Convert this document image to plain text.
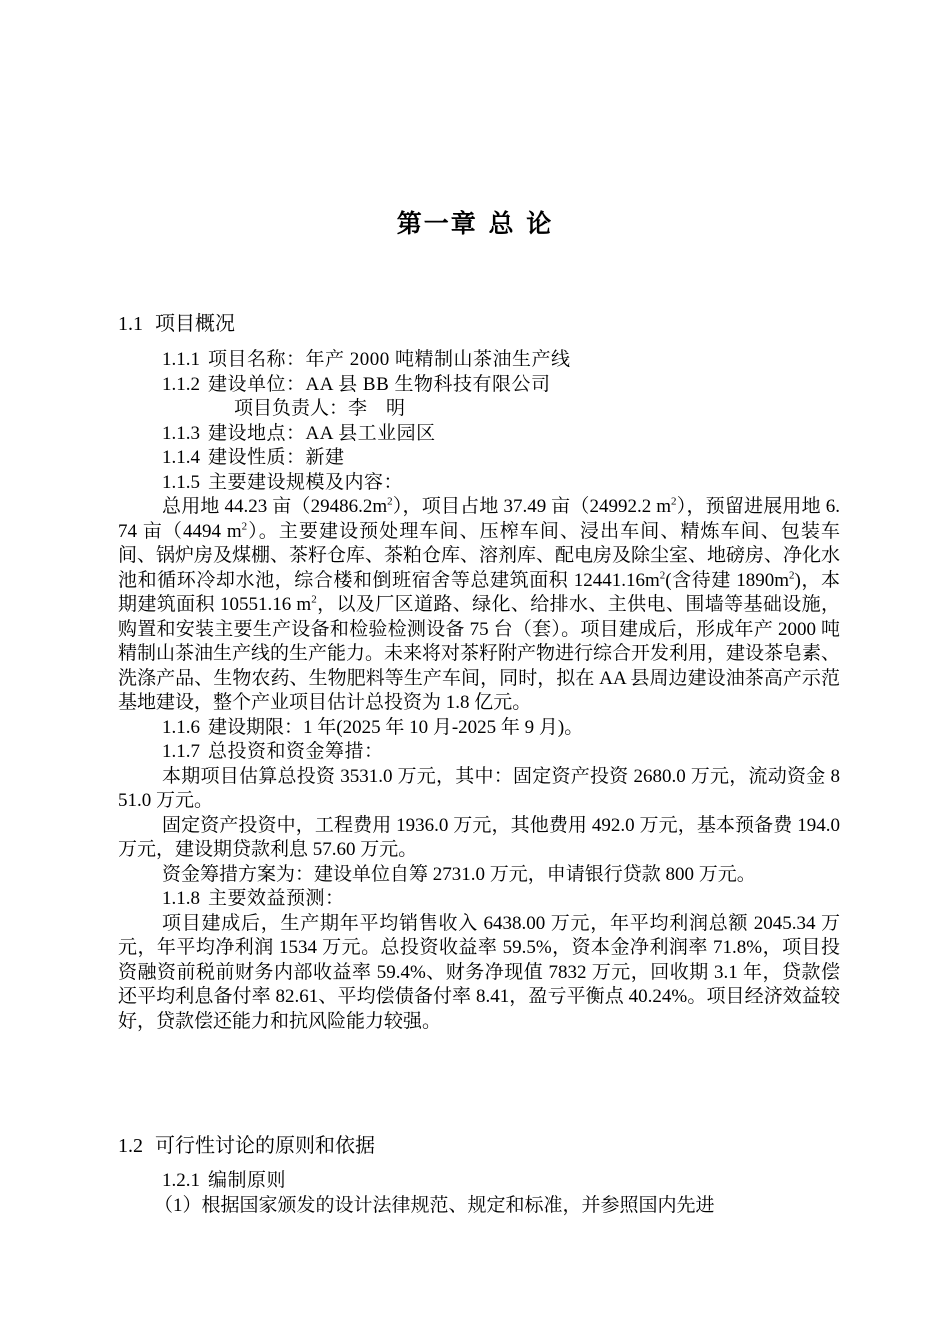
第一章 总 论
1.1 项目概况
1.1.1 项目名称：年产 2000 吨精制山茶油生产线
1.1.2 建设单位：AA 县 BB 生物科技有限公司
项目负责人：李    明
1.1.3 建设地点：AA 县工业园区
1.1.4 建设性质：新建
1.1.5 主要建设规模及内容：

总用地 44.23 亩$(29486.2m^2)$，项目占地 37.49 亩（24992.2 $m^2$），预留进展用地 6.74 亩（4494 $m^2$）。主要建设预处理车间、压榨车间、浸出车间、精炼车间、包装车间、锅炉房及煤棚、茶籽仓库、茶粕仓库、溶剂库、配电房及除尘室、地磅房、净化水池和循环冷却水池，综合楼和倒班宿舍等总建筑面积 $12441.16m^2$(含待建 $1890m^2$)，本期建筑面积 10551.16 $m^2$，以及厂区道路、绿化、给排水、主供电、围墙等基础设施，购置和安装主要生产设备和检验检测设备 75 台（套）。项目建成后，形成年产 2000 吨精制山茶油生产线的生产能力。未来将对茶籽附产物进行综合开发利用，建设茶皂素、洗涤产品、生物农药、生物肥料等生产车间，同时，拟在 AA 县周边建设油茶高产示范基地建设，整个产业项目估计总投资为 1.8 亿元。

1.1.6 建设期限：1 年(2025 年 10 月-2025 年 9 月)。
1.1.7 总投资和资金筹措：

本期项目估算总投资 3531.0 万元，其中：固定资产投资 2680.0 万元，流动资金 851.0 万元。

固定资产投资中，工程费用 1936.0 万元，其他费用 492.0 万元，基本预备费 194.0 万元，建设期贷款利息 57.60 万元。

资金筹措方案为：建设单位自筹 2731.0 万元，申请银行贷款 800 万元。

1.1.8 主要效益预测：

项目建成后，生产期年平均销售收入 6438.00 万元，年平均利润总额 2045.34 万元，年平均净利润 1534 万元。总投资收益率 59.5%，资本金净利润率 71.8%，项目投资融资前税前财务内部收益率 59.4%、财务净现值 7832 万元，回收期 3.1 年，贷款偿还平均利息备付率 82.61、平均偿债备付率 8.41，盈亏平衡点 40.24%。项目经济效益较好，贷款偿还能力和抗风险能力较强。

1.2 可行性讨论的原则和依据
1.2.1 编制原则
（1）根据国家颁发的设计法律规范、规定和标准，并参照国内先进
